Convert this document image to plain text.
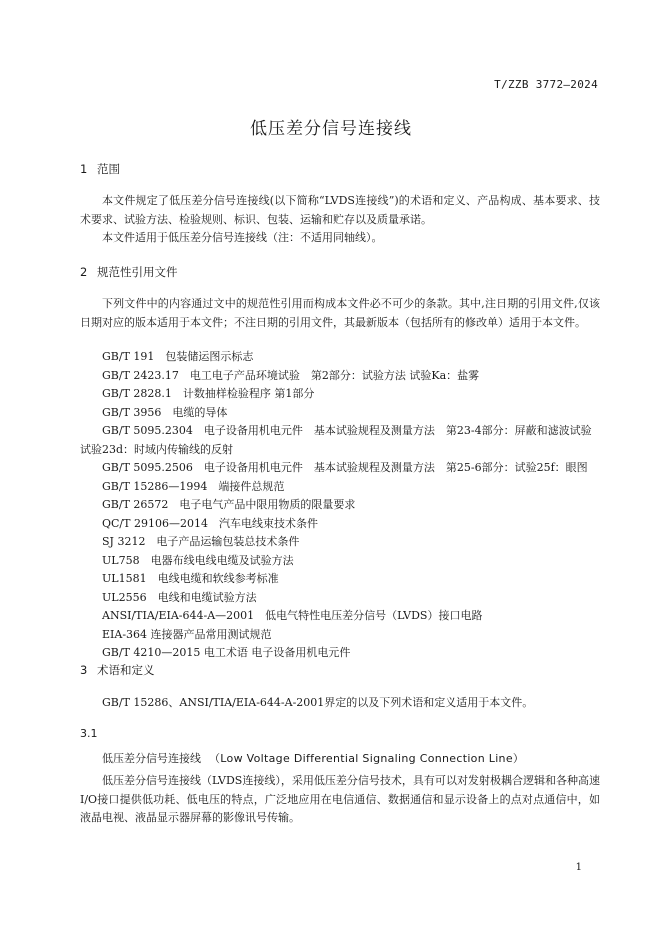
T/ZZB 3772—2024
低压差分信号连接线
1 范围

本文件规定了低压差分信号连接线(以下简称“LVDS连接线”)的术语和定义、产品构成、基本要求、技术要求、试验方法、检验规则、标识、包装、运输和贮存以及质量承诺。

本文件适用于低压差分信号连接线（注：不适用同轴线）。

2 规范性引用文件

下列文件中的内容通过文中的规范性引用而构成本文件必不可少的条款。其中,注日期的引用文件,仅该日期对应的版本适用于本文件；不注日期的引用文件，其最新版本（包括所有的修改单）适用于本文件。

GB/T 191　包装储运图示标志
GB/T 2423.17　电工电子产品环境试验　第2部分：试验方法 试验Ka：盐雾
GB/T 2828.1　计数抽样检验程序 第1部分
GB/T 3956　电缆的导体
GB/T 5095.2304　电子设备用机电元件　基本试验规程及测量方法　第23-4部分：屏蔽和滤波试验 试验23d：时域内传输线的反射
GB/T 5095.2506　电子设备用机电元件　基本试验规程及测量方法　第25-6部分：试验25f：眼图
GB/T 15286—1994　端接件总规范
GB/T 26572　电子电气产品中限用物质的限量要求
QC/T 29106—2014　汽车电线束技术条件
SJ 3212　电子产品运输包装总技术条件
UL758　电器布线电线电缆及试验方法
UL1581　电线电缆和软线参考标准
UL2556　电线和电缆试验方法
ANSI/TIA/EIA-644-A—2001　低电气特性电压差分信号（LVDS）接口电路
EIA-364 连接器产品常用测试规范
GB/T 4210—2015 电工术语 电子设备用机电元件
3 术语和定义

GB/T 15286、ANSI/TIA/EIA-644-A-2001界定的以及下列术语和定义适用于本文件。

3.1
低压差分信号连接线 （Low Voltage Differential Signaling Connection Line）

低压差分信号连接线（LVDS连接线），采用低压差分信号技术，具有可以对发射极耦合逻辑和各种高速I/O接口提供低功耗、低电压的特点，广泛地应用在电信通信、数据通信和显示设备上的点对点通信中，如液晶电视、液晶显示器屏幕的影像讯号传输。

1
